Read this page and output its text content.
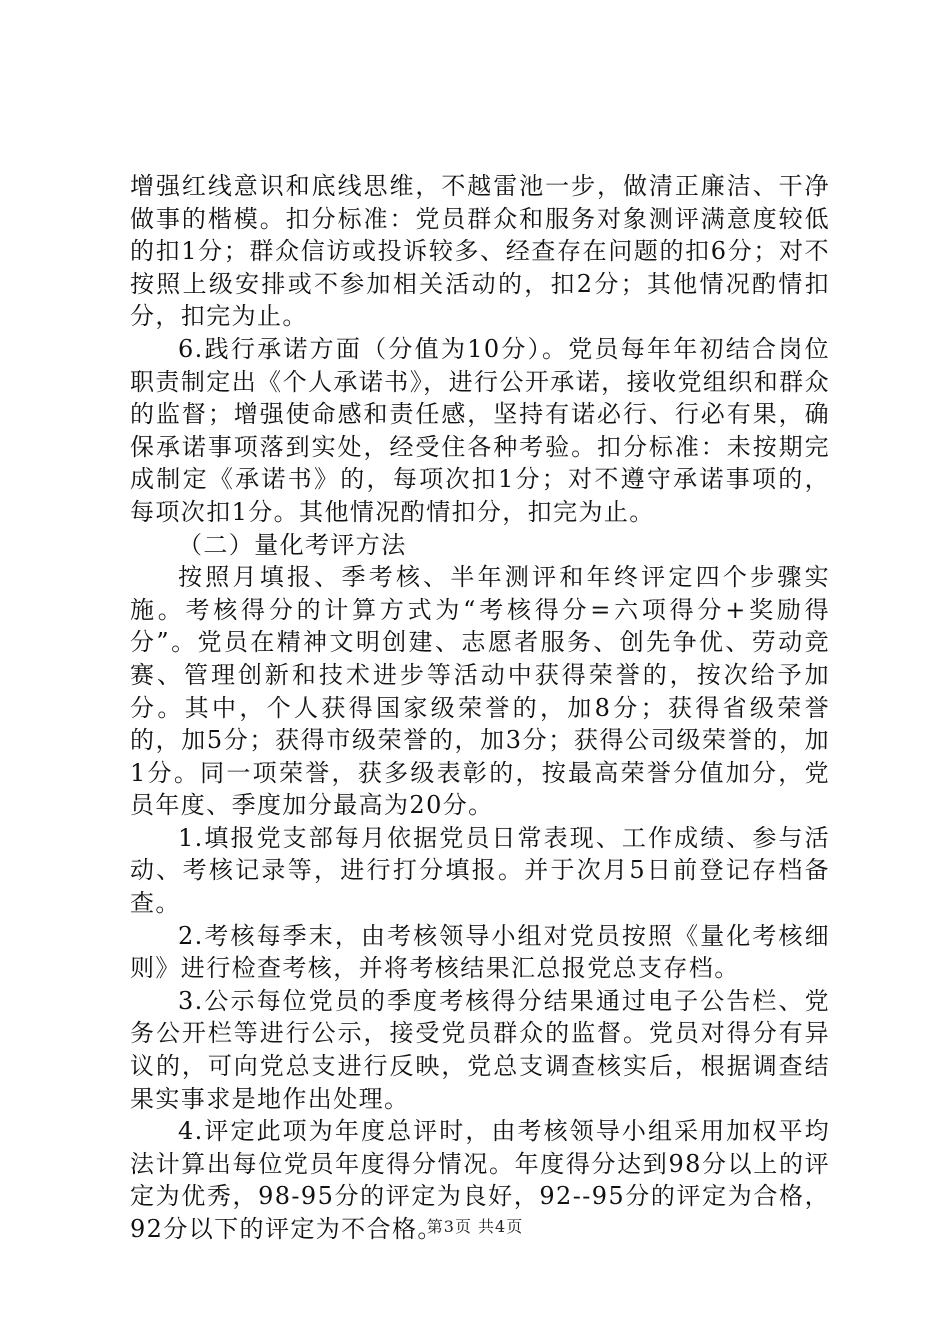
增强红线意识和底线思维，不越雷池一步，做清正廉洁、干净做事的楷模。扣分标准：党员群众和服务对象测评满意度较低的扣1分；群众信访或投诉较多、经查存在问题的扣6分；对不按照上级安排或不参加相关活动的，扣2分；其他情况酌情扣分，扣完为止。

6.践行承诺方面（分值为10分）。党员每年年初结合岗位职责制定出《个人承诺书》，进行公开承诺，接收党组织和群众的监督；增强使命感和责任感，坚持有诺必行、行必有果，确保承诺事项落到实处，经受住各种考验。扣分标准：未按期完成制定《承诺书》的，每项次扣1分；对不遵守承诺事项的，每项次扣1分。其他情况酌情扣分，扣完为止。

（二）量化考评方法

按照月填报、季考核、半年测评和年终评定四个步骤实施。考核得分的计算方式为“考核得分=六项得分+奖励得分”。党员在精神文明创建、志愿者服务、创先争优、劳动竞赛、管理创新和技术进步等活动中获得荣誉的，按次给予加分。其中，个人获得国家级荣誉的，加8分；获得省级荣誉的，加5分；获得市级荣誉的，加3分；获得公司级荣誉的，加1分。同一项荣誉，获多级表彰的，按最高荣誉分值加分，党员年度、季度加分最高为20分。

1.填报党支部每月依据党员日常表现、工作成绩、参与活动、考核记录等，进行打分填报。并于次月5日前登记存档备查。

2.考核每季末，由考核领导小组对党员按照《量化考核细则》进行检查考核，并将考核结果汇总报党总支存档。

3.公示每位党员的季度考核得分结果通过电子公告栏、党务公开栏等进行公示，接受党员群众的监督。党员对得分有异议的，可向党总支进行反映，党总支调查核实后，根据调查结果实事求是地作出处理。

4.评定此项为年度总评时，由考核领导小组采用加权平均法计算出每位党员年度得分情况。年度得分达到98分以上的评定为优秀，98-95分的评定为良好，92--95分的评定为合格，92分以下的评定为不合格。

第3页 共4页
